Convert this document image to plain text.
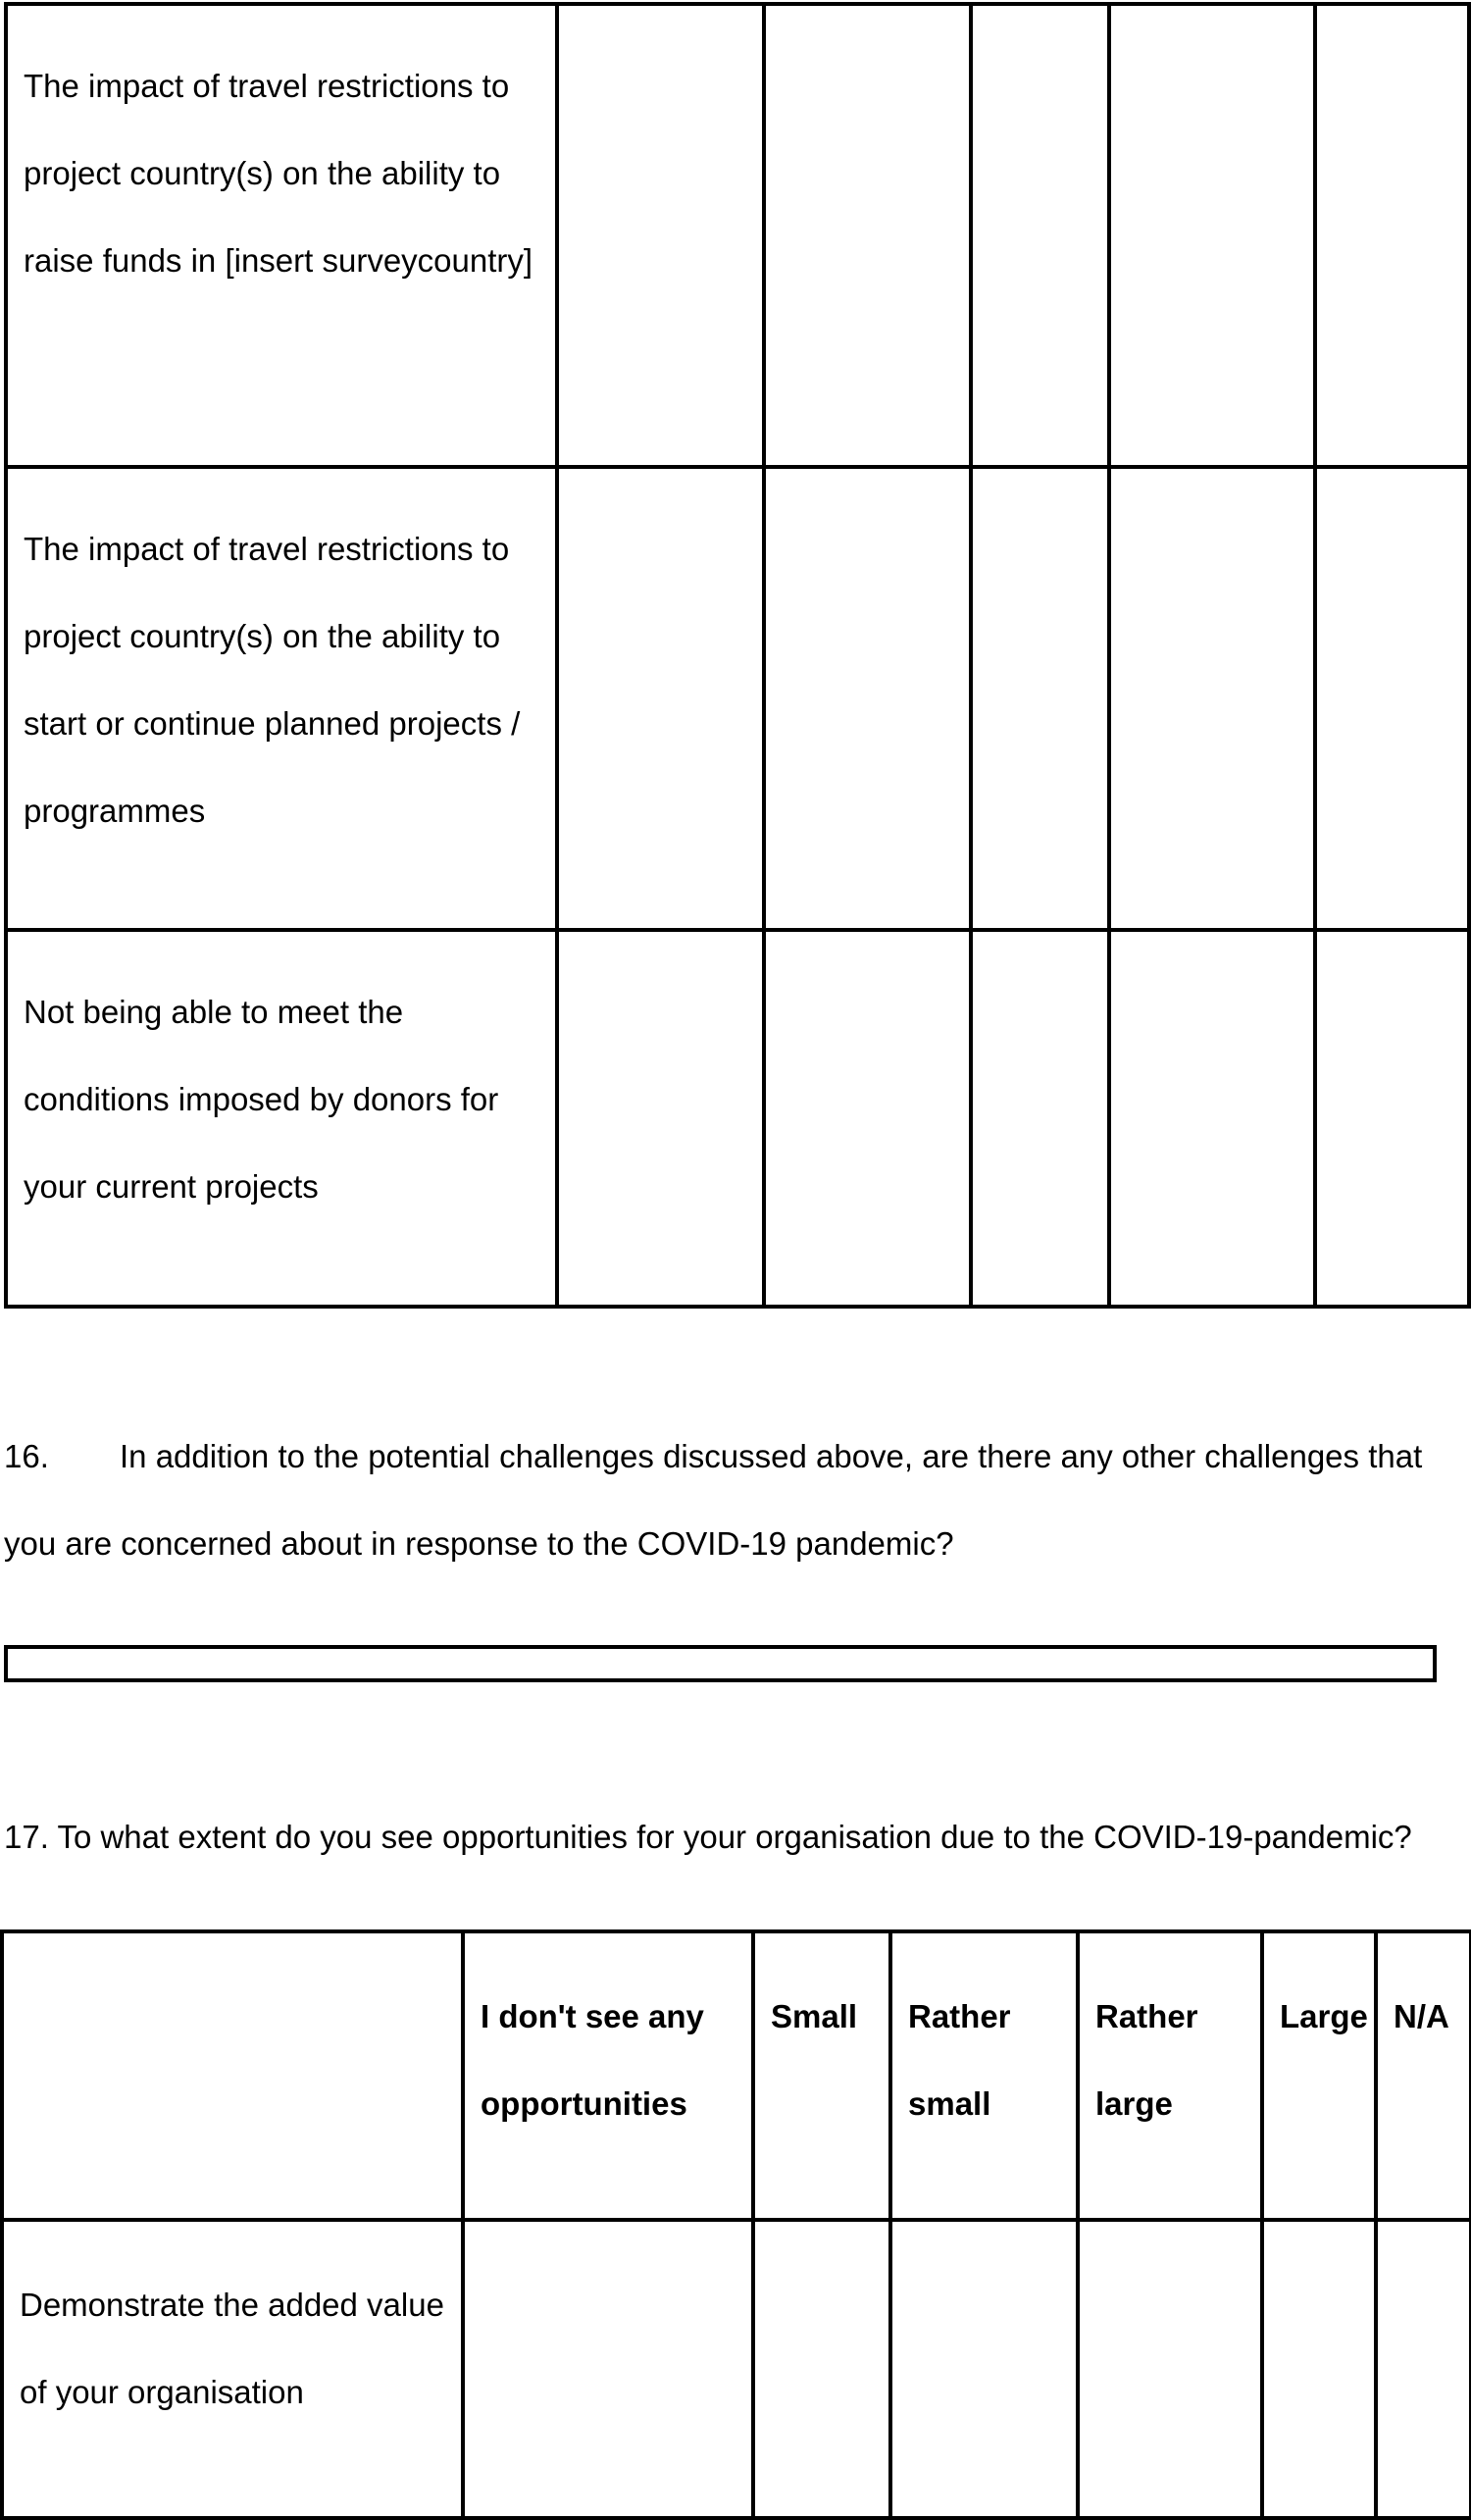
The impact of travel restrictions to project country(s) on the ability to raise funds in [insert surveycountry]					

The impact of travel restrictions to project country(s) on the ability to start or continue planned projects / programmes					

Not being able to meet the conditions imposed by donors for your current projects					

16. In addition to the potential challenges discussed above, are there any other challenges that you are concerned about in response to the COVID-19 pandemic?

17. To what extent do you see opportunities for your organisation due to the COVID-19-pandemic?

	I don't see any opportunities	Small	Rather small	Rather large	Large	N/A

Demonstrate the added value of your organisation						
